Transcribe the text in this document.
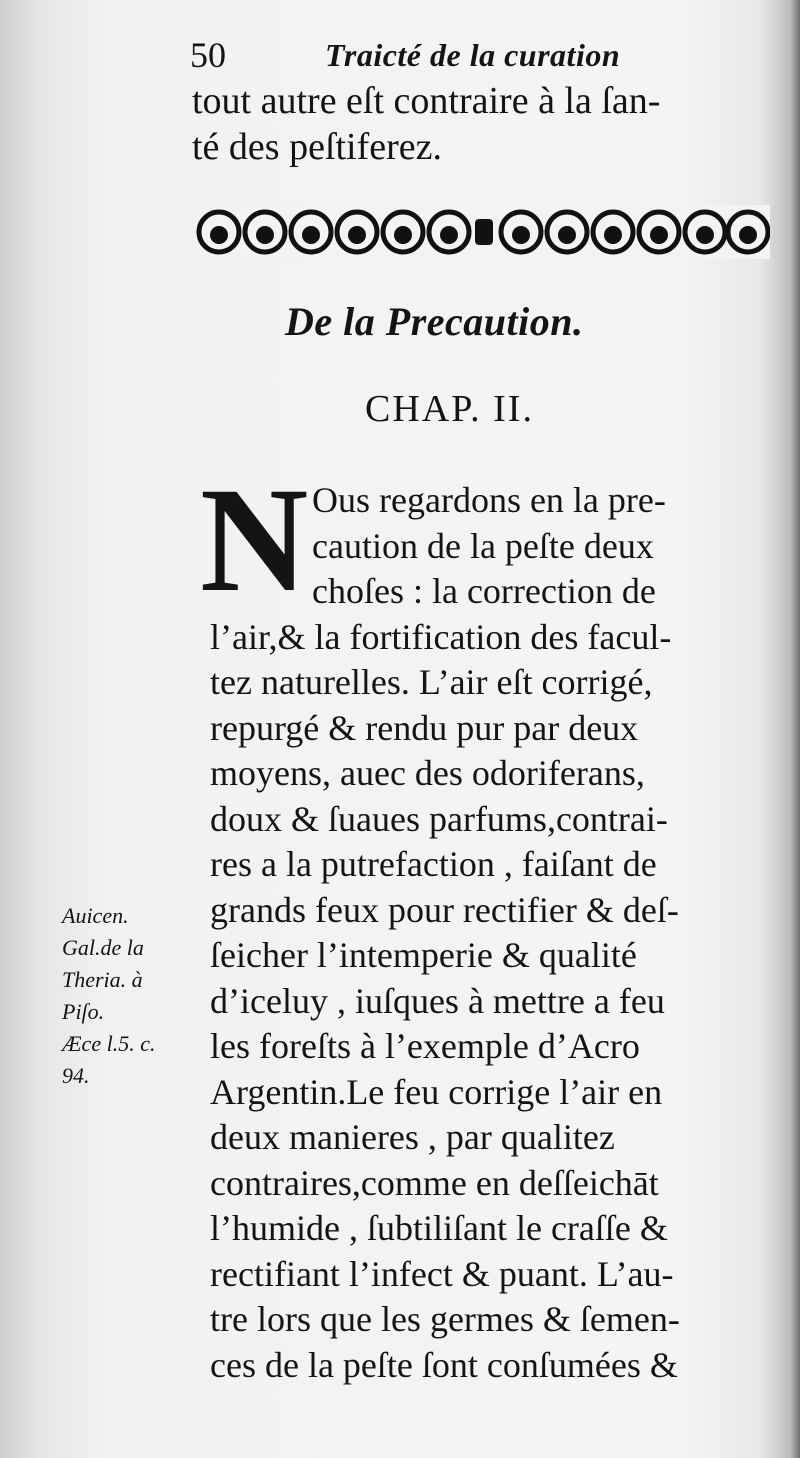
50	Traicté de la curation
tout autre eſt contraire à la ſan-
té des peſtiferez.
De la Precaution.
CHAP. II.
N Ous regardons en la pre-
caution de la peſte deux
choſes : la correction de
l’air,& la fortification des facul-
tez naturelles. L’air eſt corrigé,
repurgé & rendu pur par deux
moyens, auec des odoriferans,
doux & ſuaues parfums,contrai-
res a la putrefaction , faiſant de
grands feux pour rectifier & deſ-
ſeicher l’intemperie & qualité
d’iceluy , iuſques à mettre a feu
les foreſts à l’exemple d’Acro
Argentin.Le feu corrige l’air en
deux manieres , par qualitez
contraires,comme en deſſeichāt
l’humide , ſubtiliſant le craſſe &
rectifiant l’infect & puant. L’au-
tre lors que les germes & ſemen-
ces de la peſte ſont conſumées &
Auicen.
Gal.de la
Theria. à
Piſo.
Æce l.5. c.
94.
